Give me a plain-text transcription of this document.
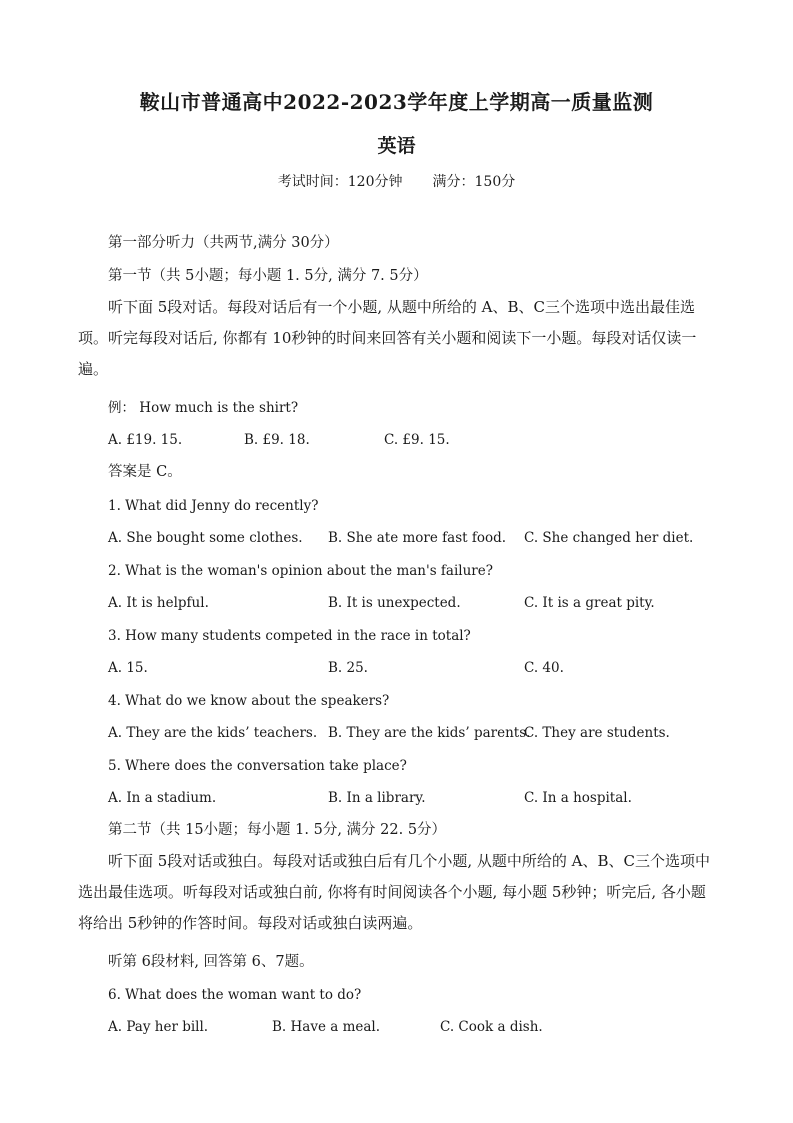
鞍山市普通高中2022-2023学年度上学期高一质量监测
英语
考试时间：120分钟 满分：150分
第一部分听力（共两节,满分 30分）
第一节（共 5小题；每小题 1. 5分, 满分 7. 5分）
听下面 5段对话。每段对话后有一个小题, 从题中所给的 A、B、C三个选项中选出最佳选项。听完每段对话后, 你都有 10秒钟的时间来回答有关小题和阅读下一小题。每段对话仅读一遍。
例： How much is the shirt?
A. £19. 15.	B. £9. 18.	C. £9. 15.
答案是 C。
1. What did Jenny do recently?
A. She bought some clothes. B. She ate more fast food. C. She changed her diet.
2. What is the woman's opinion about the man's failure?
A. It is helpful.	B. It is unexpected.	C. It is a great pity.
3. How many students competed in the race in total?
A. 15.	B. 25.	C. 40.
4. What do we know about the speakers?
A. They are the kids’ teachers. B. They are the kids’ parents.
C. They are students.
5. Where does the conversation take place?
A. In a stadium.	B. In a library.	C. In a hospital.
第二节（共 15小题；每小题 1. 5分, 满分 22. 5分）
听下面 5段对话或独白。每段对话或独白后有几个小题, 从题中所给的 A、B、C三个选项中选出最佳选项。听每段对话或独白前, 你将有时间阅读各个小题, 每小题 5秒钟；听完后, 各小题将给出 5秒钟的作答时间。每段对话或独白读两遍。
听第 6段材料, 回答第 6、7题。
6. What does the woman want to do?
A. Pay her bill.	B. Have a meal.	C. Cook a dish.
